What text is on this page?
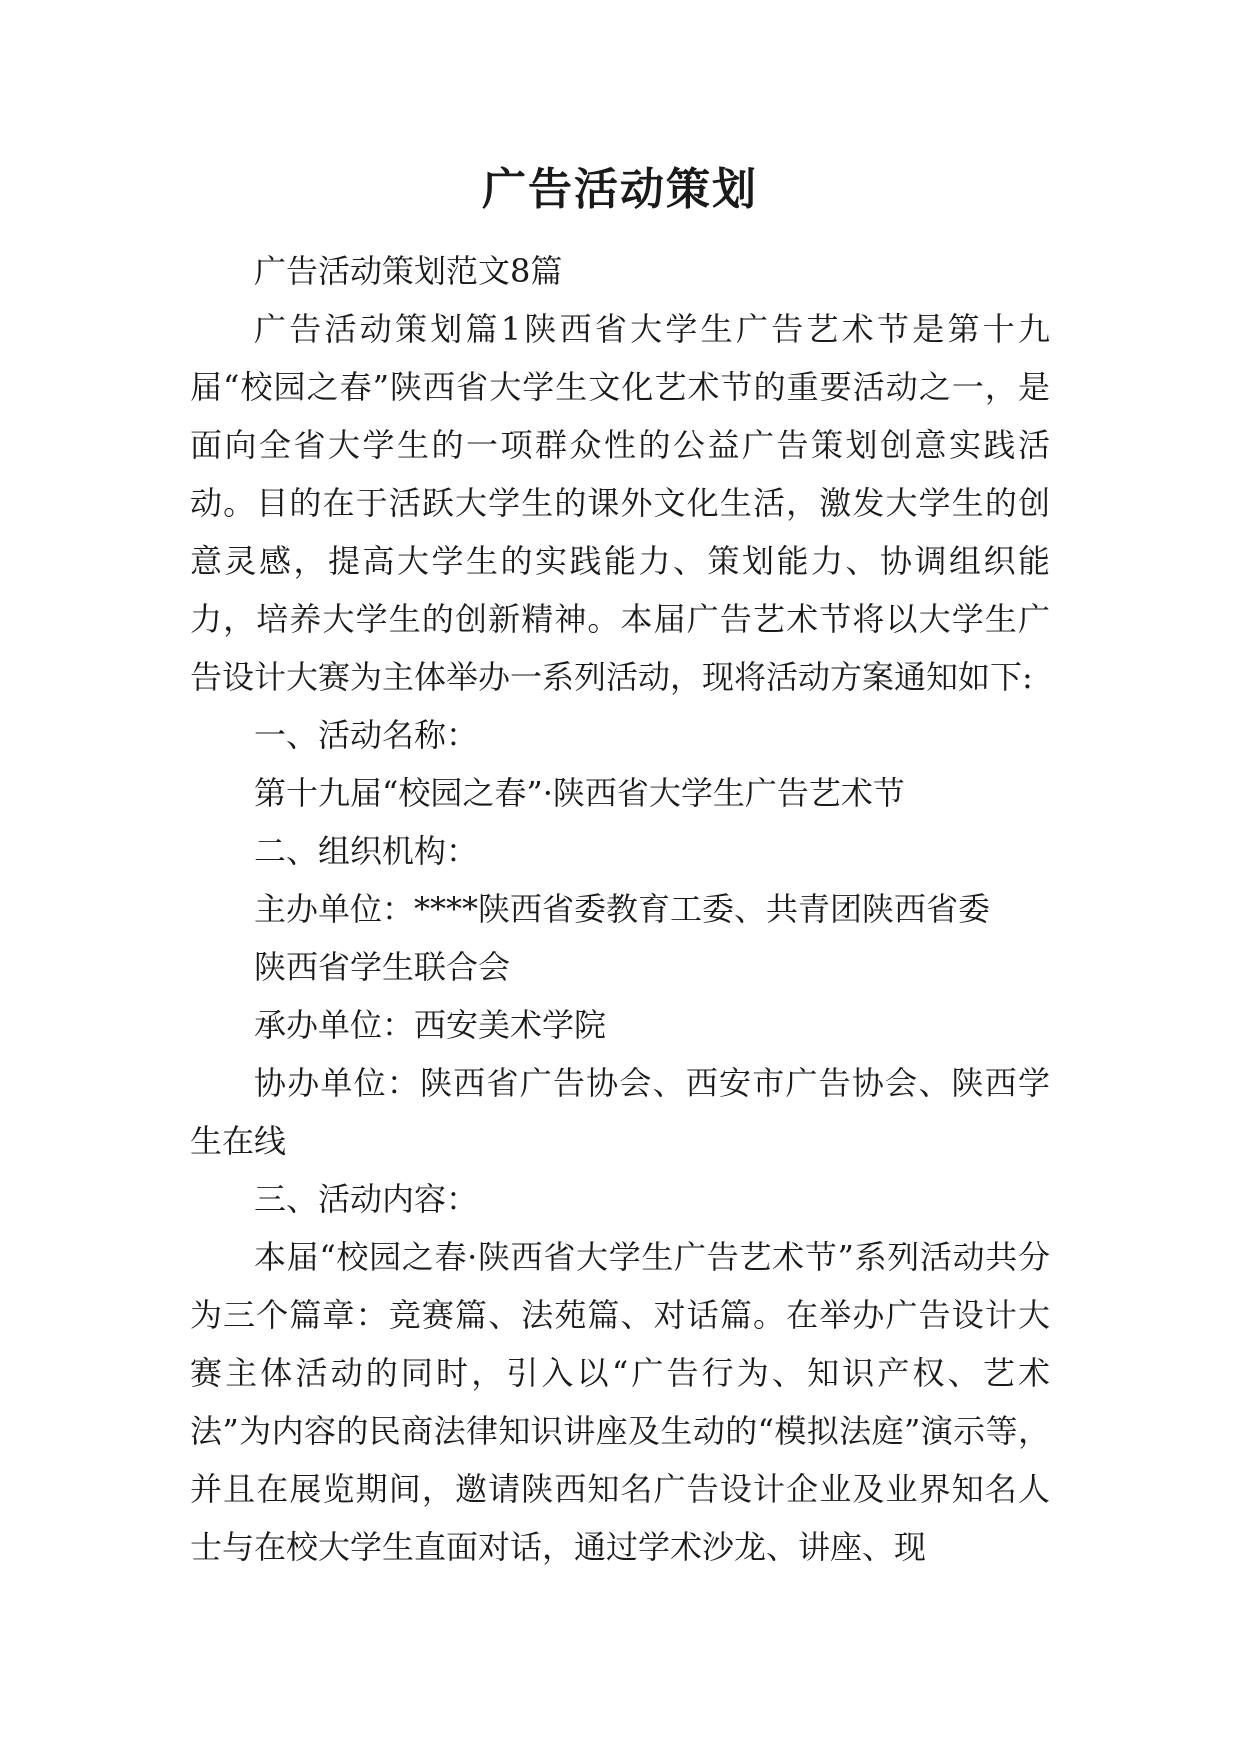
广告活动策划

广告活动策划范文8篇

广告活动策划篇1陕西省大学生广告艺术节是第十九届“校园之春”陕西省大学生文化艺术节的重要活动之一，是面向全省大学生的一项群众性的公益广告策划创意实践活动。目的在于活跃大学生的课外文化生活，激发大学生的创意灵感，提高大学生的实践能力、策划能力、协调组织能力，培养大学生的创新精神。本届广告艺术节将以大学生广告设计大赛为主体举办一系列活动，现将活动方案通知如下:

一、活动名称：

第十九届“校园之春”·陕西省大学生广告艺术节

二、组织机构：

主办单位：****陕西省委教育工委、共青团陕西省委

陕西省学生联合会

承办单位：西安美术学院

协办单位：陕西省广告协会、西安市广告协会、陕西学生在线

三、活动内容：

本届“校园之春·陕西省大学生广告艺术节”系列活动共分为三个篇章：竞赛篇、法苑篇、对话篇。在举办广告设计大赛主体活动的同时，引入以“广告行为、知识产权、艺术法”为内容的民商法律知识讲座及生动的“模拟法庭”演示等，并且在展览期间，邀请陕西知名广告设计企业及业界知名人士与在校大学生直面对话，通过学术沙龙、讲座、现
